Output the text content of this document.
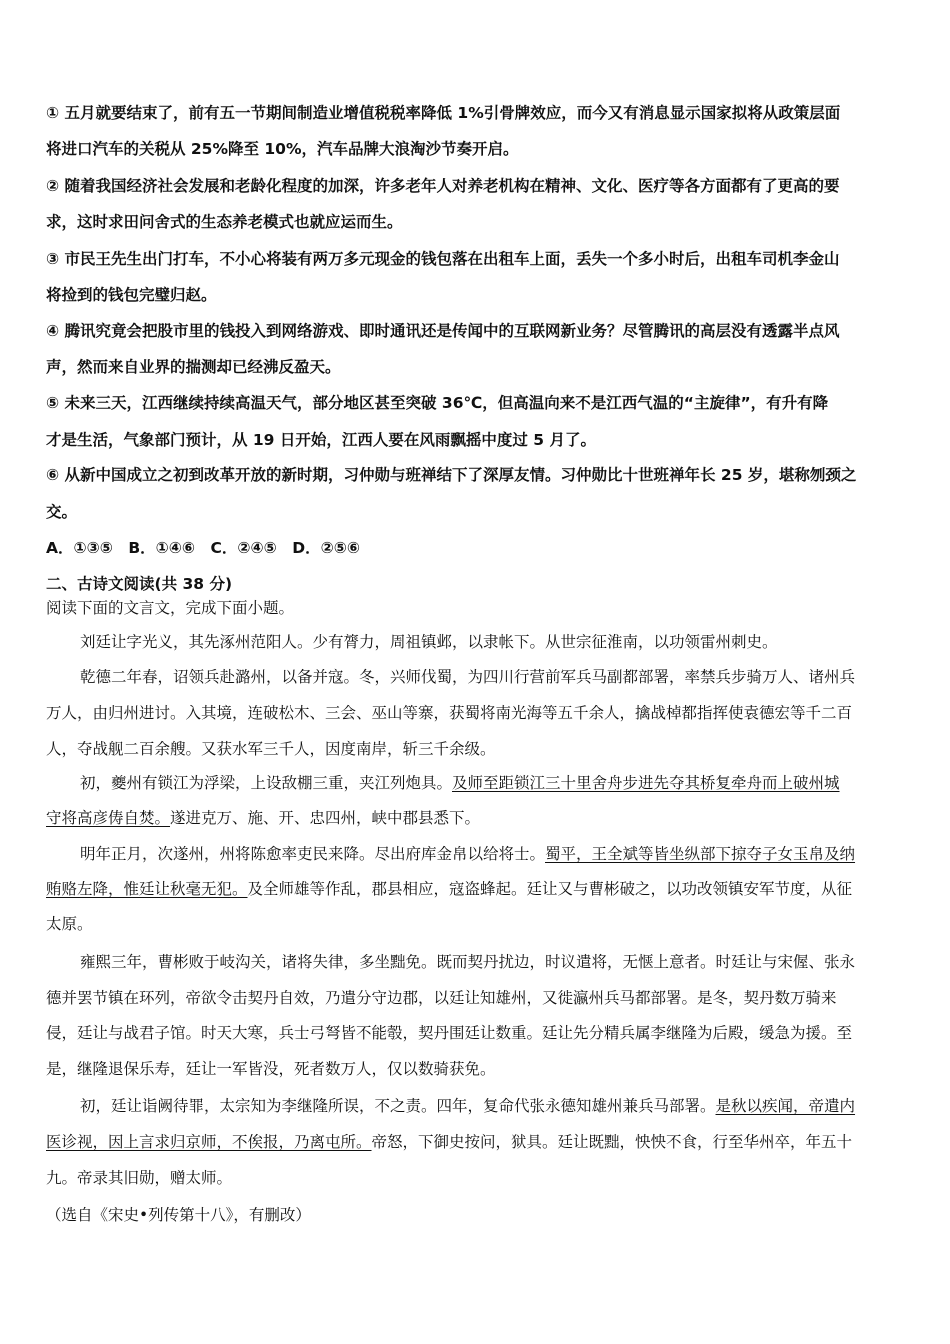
① 五月就要结束了，前有五一节期间制造业增值税税率降低 1%引骨牌效应，而今又有消息显示国家拟将从政策层面
将进口汽车的关税从 25%降至 10%，汽车品牌大浪淘沙节奏开启。
② 随着我国经济社会发展和老龄化程度的加深，许多老年人对养老机构在精神、文化、医疗等各方面都有了更高的要
求，这时求田问舍式的生态养老模式也就应运而生。
③ 市民王先生出门打车，不小心将装有两万多元现金的钱包落在出租车上面，丢失一个多小时后，出租车司机李金山
将捡到的钱包完璧归赵。
④ 腾讯究竟会把股市里的钱投入到网络游戏、即时通讯还是传闻中的互联网新业务？尽管腾讯的高层没有透露半点风
声，然而来自业界的揣测却已经沸反盈天。
⑤ 未来三天，江西继续持续高温天气，部分地区甚至突破 36℃，但高温向来不是江西气温的“主旋律”，有升有降
才是生活，气象部门预计，从 19 日开始，江西人要在风雨飘摇中度过 5 月了。
⑥ 从新中国成立之初到改革开放的新时期，习仲勋与班禅结下了深厚友情。习仲勋比十世班禅年长 25 岁，堪称刎颈之
交。
A．①③⑤　B．①④⑥　C．②④⑤　D．②⑤⑥
二、古诗文阅读(共 38 分)
阅读下面的文言文，完成下面小题。
刘廷让字光义，其先涿州范阳人。少有膂力，周祖镇邺，以隶帐下。从世宗征淮南，以功领雷州刺史。
乾德二年春，诏领兵赴潞州，以备并寇。冬，兴师伐蜀，为四川行营前军兵马副都部署，率禁兵步骑万人、诸州兵
万人，由归州进讨。入其境，连破松木、三会、巫山等寨，获蜀将南光海等五千余人，擒战棹都指挥使袁德宏等千二百
人，夺战舰二百余艘。又获水军三千人，因度南岸，斩三千余级。
初，夔州有锁江为浮梁，上设敌棚三重，夹江列炮具。及师至距锁江三十里舍舟步进先夺其桥复牵舟而上破州城
守将高彦俦自焚。遂进克万、施、开、忠四州，峡中郡县悉下。
明年正月，次遂州，州将陈愈率吏民来降。尽出府库金帛以给将士。蜀平，王全斌等皆坐纵部下掠夺子女玉帛及纳
贿赂左降，惟廷让秋毫无犯。及全师雄等作乱，郡县相应，寇盗蜂起。廷让又与曹彬破之，以功改领镇安军节度，从征
太原。
雍熙三年，曹彬败于岐沟关，诸将失律，多坐黜免。既而契丹扰边，时议遣将，无惬上意者。时廷让与宋偓、张永
德并罢节镇在环列，帝欲令击契丹自效，乃遣分守边郡，以廷让知雄州，又徙瀛州兵马都部署。是冬，契丹数万骑来
侵，廷让与战君子馆。时天大寒，兵士弓弩皆不能彀，契丹围廷让数重。廷让先分精兵属李继隆为后殿，缓急为援。至
是，继隆退保乐寿，廷让一军皆没，死者数万人，仅以数骑获免。
初，廷让诣阙待罪，太宗知为李继隆所误，不之责。四年，复命代张永德知雄州兼兵马部署。是秋以疾闻，帝遣内
医诊视，因上言求归京师，不俟报，乃离屯所。帝怒，下御史按问，狱具。廷让既黜，怏怏不食，行至华州卒，年五十
九。帝录其旧勋，赠太师。
（选自《宋史•列传第十八》，有删改）
